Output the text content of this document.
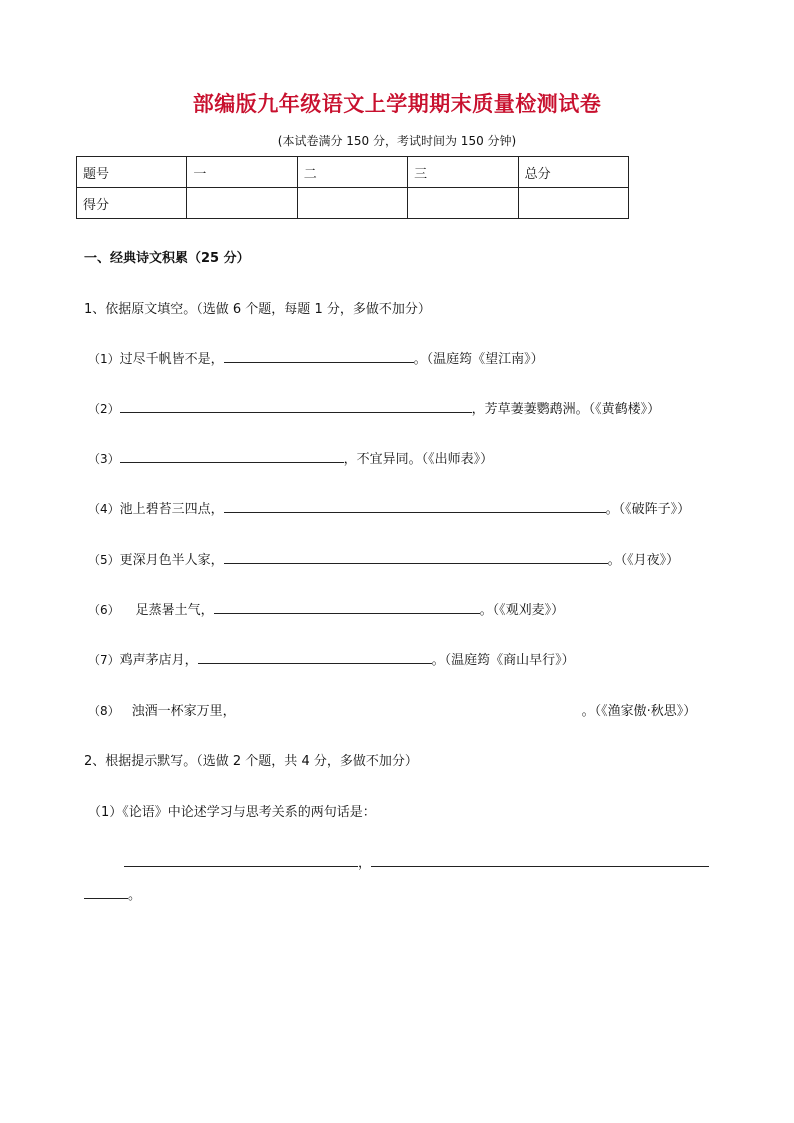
部编版九年级语文上学期期末质量检测试卷
(本试卷满分 150 分，考试时间为 150 分钟)
题号	一	二	三	总分
得分				
一、经典诗文积累（25 分）
1、依据原文填空。（选做 6 个题，每题 1 分，多做不加分）
（1）过尽千帆皆不是，	。（温庭筠《望江南》）
（2）	，芳草萋萋鹦鹉洲。（《黄鹤楼》）
（3）	，不宜异同。（《出师表》）
（4）池上碧苔三四点，	。（《破阵子》）
（5）更深月色半人家，	。（《月夜》）
（6） 足蒸暑土气，	。（《观刈麦》）
（7）鸡声茅店月，	。（温庭筠《商山早行》）
（8） 浊酒一杯家万里，	。（《渔家傲·秋思》）
2、根据提示默写。（选做 2 个题，共 4 分，多做不加分）
（1）《论语》中论述学习与思考关系的两句话是：
，
。
